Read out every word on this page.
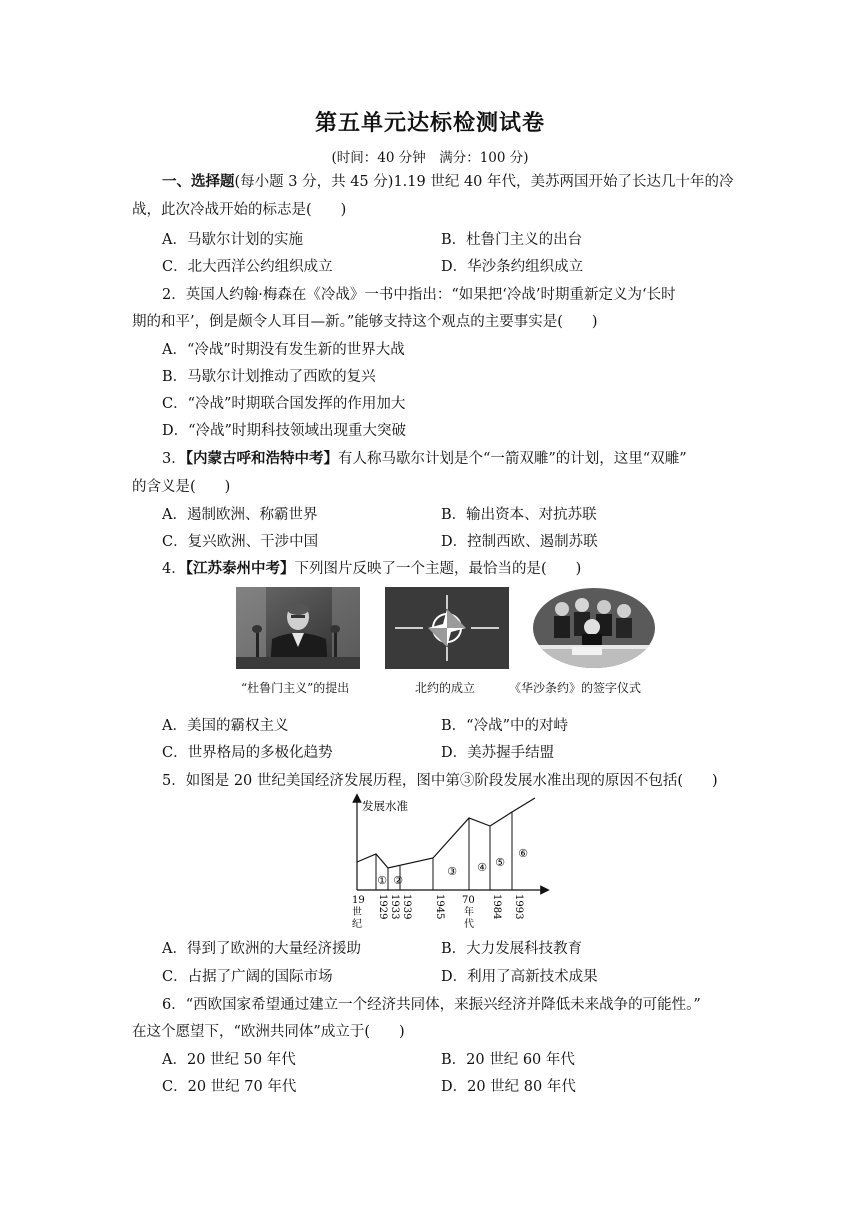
第五单元达标检测试卷
(时间：40 分钟　满分：100 分)
一、选择题(每小题 3 分，共 45 分)1.19 世纪 40 年代，美苏两国开始了长达几十年的冷
战，此次冷战开始的标志是(　　)
A．马歇尔计划的实施	B．杜鲁门主义的出台
C．北大西洋公约组织成立	D．华沙条约组织成立
2．英国人约翰·梅森在《冷战》一书中指出：“如果把‘冷战’时期重新定义为‘长时
期的和平’，倒是颇令人耳目—新。”能够支持这个观点的主要事实是(　　)
A．“冷战”时期没有发生新的世界大战
B．马歇尔计划推动了西欧的复兴
C．“冷战”时期联合国发挥的作用加大
D．“冷战”时期科技领域出现重大突破
3．【内蒙古呼和浩特中考】有人称马歇尔计划是个“一箭双雕”的计划，这里“双雕”
的含义是(　　)
A．遏制欧洲、称霸世界	B．输出资本、对抗苏联
C．复兴欧洲、干涉中国	D．控制西欧、遏制苏联
4．【江苏泰州中考】下列图片反映了一个主题，最恰当的是(　　)
“杜鲁门主义”的提出	北约的成立	《华沙条约》的签字仪式
A．美国的霸权主义	B．“冷战”中的对峙
C．世界格局的多极化趋势	D．美苏握手结盟
5．如图是 20 世纪美国经济发展历程，图中第③阶段发展水准出现的原因不包括(　　)
发展水准
① ②
③ ④ ⑤
⑥
19
世
纪
1929 1933 1939 1945 70
年
代
1984 1993
A．得到了欧洲的大量经济援助	B．大力发展科技教育
C．占据了广阔的国际市场	D．利用了高新技术成果
6．“西欧国家希望通过建立一个经济共同体，来振兴经济并降低未来战争的可能性。”
在这个愿望下，“欧洲共同体”成立于(　　)
A．20 世纪 50 年代	B．20 世纪 60 年代
C．20 世纪 70 年代	D．20 世纪 80 年代
